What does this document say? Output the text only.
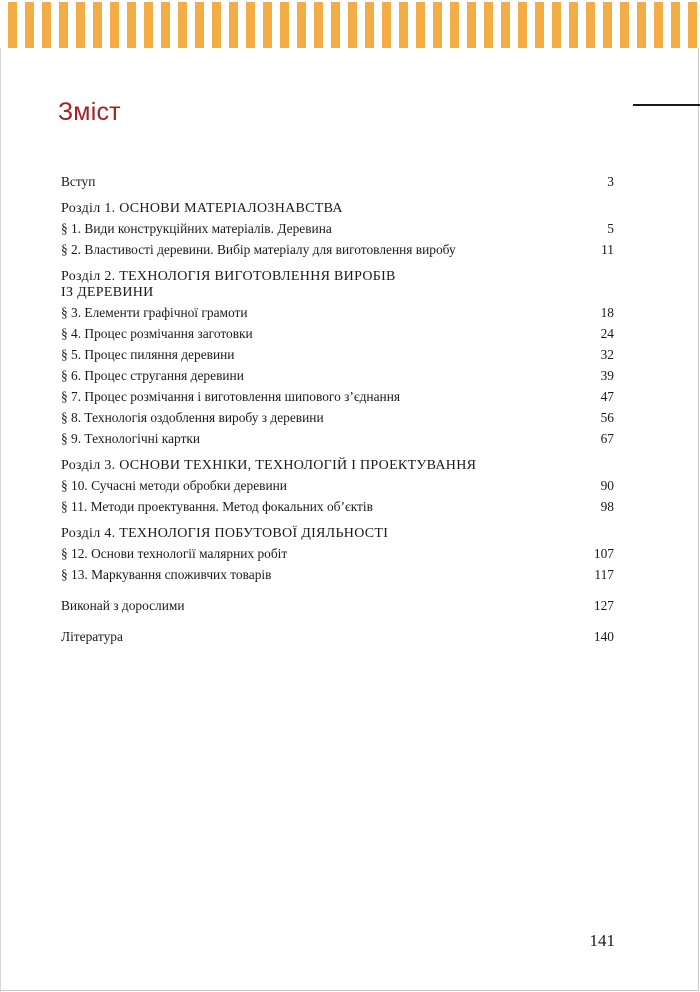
Зміст
Вступ	3
Розділ 1. ОСНОВИ МАТЕРІАЛОЗНАВСТВА
§ 1. Види конструкційних матеріалів. Деревина	5
§ 2. Властивості деревини. Вибір матеріалу для виготовлення виробу	11
Розділ 2. ТЕХНОЛОГІЯ ВИГОТОВЛЕННЯ ВИРОБІВ
ІЗ ДЕРЕВИНИ
§ 3. Елементи графічної грамоти	18
§ 4. Процес розмічання заготовки	24
§ 5. Процес пиляння деревини	32
§ 6. Процес стругання деревини	39
§ 7. Процес розмічання і виготовлення шипового з’єднання	47
§ 8. Технологія оздоблення виробу з деревини	56
§ 9. Технологічні картки	67
Розділ 3. ОСНОВИ ТЕХНІКИ, ТЕХНОЛОГІЙ І ПРОЕКТУВАННЯ
§ 10. Сучасні методи обробки деревини	90
§ 11. Методи проектування. Метод фокальних об’єктів	98
Розділ 4. ТЕХНОЛОГІЯ ПОБУТОВОЇ ДІЯЛЬНОСТІ
§ 12. Основи технології малярних робіт	107
§ 13. Маркування споживчих товарів	117
Виконай з дорослими	127
Література	140
141
